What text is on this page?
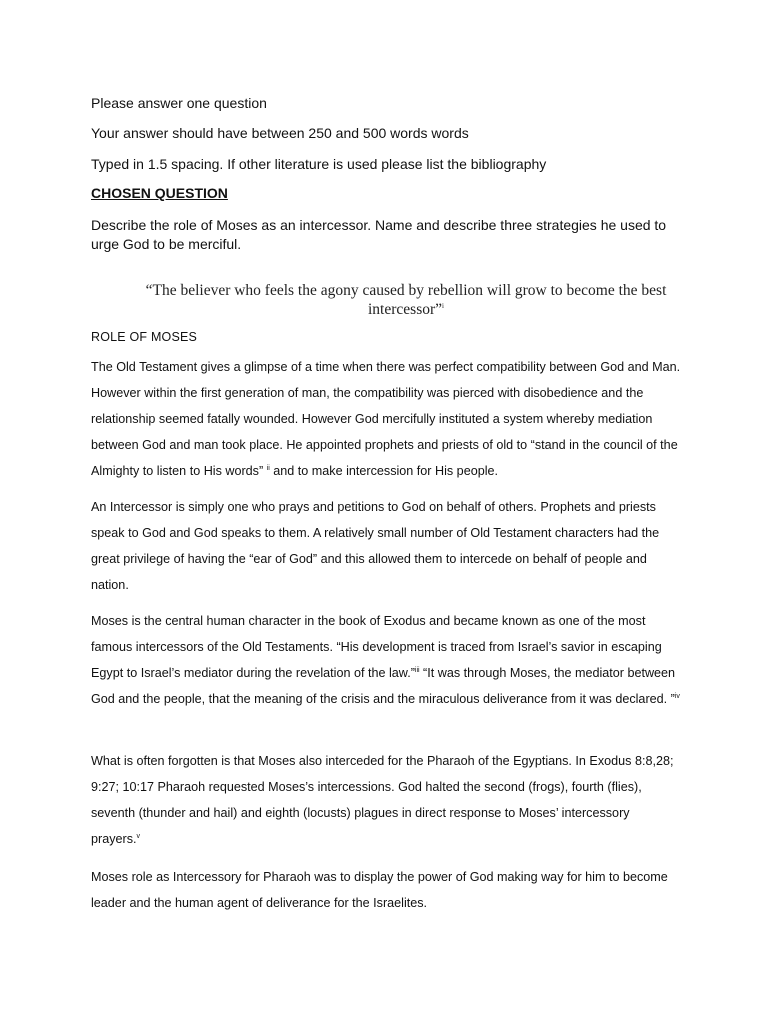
Please answer one question
Your answer should have between 250 and 500 words words
Typed in 1.5 spacing. If other literature is used please list the bibliography
CHOSEN QUESTION
Describe the role of Moses as an intercessor. Name and describe three strategies he used to urge God to be merciful.
“The believer who feels the agony caused by rebellion will grow to become the best intercessor”$^i$
ROLE OF MOSES

The Old Testament gives a glimpse of a time when there was perfect compatibility between God and Man. However within the first generation of man, the compatibility was pierced with disobedience and the relationship seemed fatally wounded. However God mercifully instituted a system whereby mediation between God and man took place. He appointed prophets and priests of old to “stand in the council of the Almighty to listen to His words” $^{ii}$ and to make intercession for His people.

An Intercessor is simply one who prays and petitions to God on behalf of others. Prophets and priests speak to God and God speaks to them. A relatively small number of Old Testament characters had the great privilege of having the “ear of God” and this allowed them to intercede on behalf of people and nation.

Moses is the central human character in the book of Exodus and became known as one of the most famous intercessors of the Old Testaments. “His development is traced from Israel’s savior in escaping Egypt to Israel’s mediator during the revelation of the law.”$^{iii}$ “It was through Moses, the mediator between God and the people, that the meaning of the crisis and the miraculous deliverance from it was declared. ”$^{iv}$

What is often forgotten is that Moses also interceded for the Pharaoh of the Egyptians. In Exodus 8:8,28; 9:27; 10:17 Pharaoh requested Moses’s intercessions. God halted the second (frogs), fourth (flies), seventh (thunder and hail) and eighth (locusts) plagues in direct response to Moses’ intercessory prayers.$^v$

Moses role as Intercessory for Pharaoh was to display the power of God making way for him to become leader and the human agent of deliverance for the Israelites.
